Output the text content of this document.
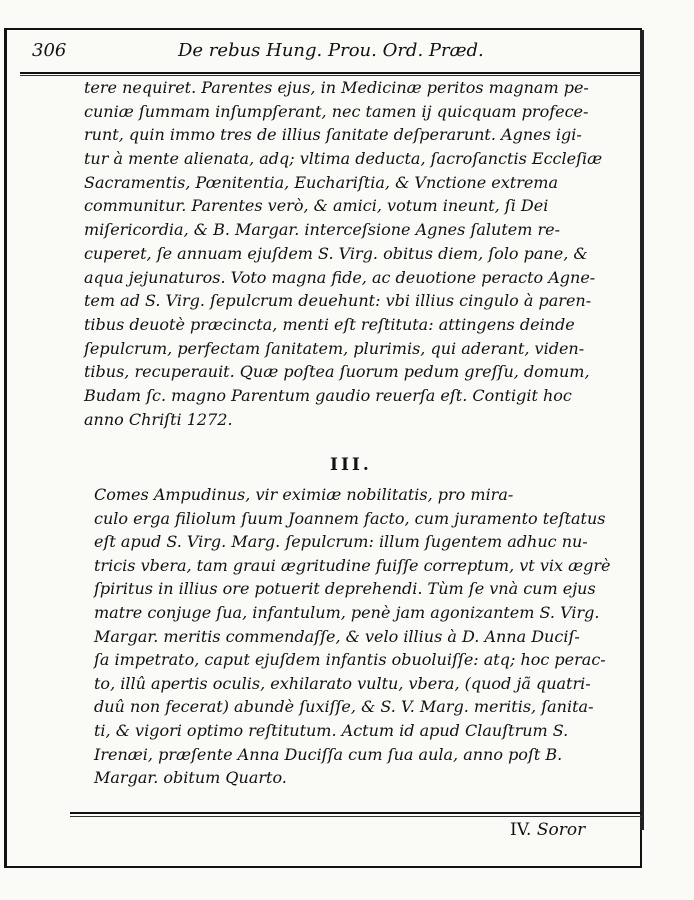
306	De rebus Hung. Prou. Ord. Præd.
tere nequiret. Parentes ejus, in Medicinæ peritos magnam pe-
cuniæ ſummam inſumpſerant, nec tamen ij quicquam profece-
runt, quin immo tres de illius ſanitate deſperarunt. Agnes igi-
tur à mente alienata, adq; vltima deducta, ſacroſanctis Eccleſiæ
Sacramentis, Pœnitentia, Euchariſtia, & Vnctione extrema
communitur. Parentes verò, & amici, votum ineunt, ſi Dei
miſericordia, & B. Margar. interceſsione Agnes ſalutem re-
cuperet, ſe annuam ejuſdem S. Virg. obitus diem, ſolo pane, &
aqua jejunaturos. Voto magna fide, ac deuotione peracto Agne-
tem ad S. Virg. ſepulcrum deuehunt: vbi illius cingulo à paren-
tibus deuotè præcincta, menti eſt reſtituta: attingens deinde
ſepulcrum, perfectam ſanitatem, plurimis, qui aderant, viden-
tibus, recuperauit. Quæ poſtea ſuorum pedum greſſu, domum,
Budam ſc. magno Parentum gaudio reuerſa eſt. Contigit hoc
anno Chriſti 1272.
III.
Comes Ampudinus, vir eximiæ nobilitatis, pro mira-
culo erga filiolum ſuum Joannem facto, cum juramento teſtatus
eſt apud S. Virg. Marg. ſepulcrum: illum ſugentem adhuc nu-
tricis vbera, tam graui ægritudine fuiſſe correptum, vt vix ægrè
ſpiritus in illius ore potuerit deprehendi. Tùm ſe vnà cum ejus
matre conjuge ſua, infantulum, penè jam agonizantem S. Virg.
Margar. meritis commendaſſe, & velo illius à D. Anna Duciſ-
ſa impetrato, caput ejuſdem infantis obuoluiſſe: atq; hoc perac-
to, illû apertis oculis, exhilarato vultu, vbera, (quod jã quatri-
duû non fecerat) abundè ſuxiſſe, & S. V. Marg. meritis, ſanita-
ti, & vigori optimo reſtitutum. Actum id apud Clauſtrum S.
Irenæi, præſente Anna Duciſſa cum ſua aula, anno poſt B.
Margar. obitum Quarto.
IV. Soror
